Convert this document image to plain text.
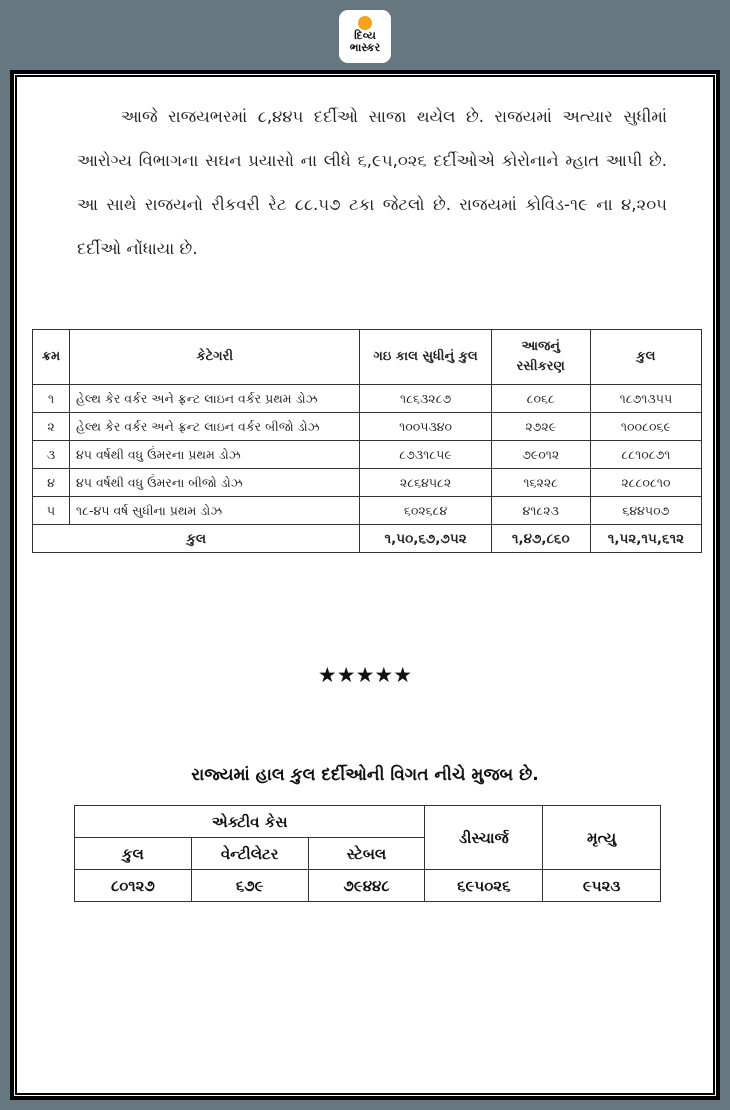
દિવ્ય
ભાસ્કર
આજે રાજયભરમાં ૮,૪૪૫ દર્દીઓ સાજા થયેલ છે. રાજયમાં અત્યાર સુધીમાં આરોગ્ય વિભાગના સઘન પ્રયાસો ના લીધે ૬,૯૫,૦૨૬ દર્દીઓએ કોરોનાને મ્હાત આપી છે. આ સાથે રાજયનો રીકવરી રેટ ૮૮.૫૭ ટકા જેટલો છે. રાજયમાં કોવિડ-૧૯ ના ૪,૨૦૫ દર્દીઓ નોંધાયા છે.
ક્રમ	કેટેગરી	ગઇ કાલ સુધીનું કુલ	આજનું રસીકરણ	કુલ
૧	હેલ્થ કેર વર્કર અને ફ્રન્ટ લાઇન વર્કર પ્રથમ ડોઝ	૧૮૬૩૨૮૭	૮૦૬૮	૧૮૭૧૩૫૫
૨	હેલ્થ કેર વર્કર અને ફ્રન્ટ લાઇન વર્કર બીજો ડોઝ	૧૦૦૫૩૪૦	૨૭૨૯	૧૦૦૮૦૬૯
૩	૪૫ વર્ષથી વધુ ઉંમરના પ્રથમ ડોઝ	૮૭૩૧૮૫૯	૭૯૦૧૨	૮૮૧૦૮૭૧
૪	૪૫ વર્ષથી વધુ ઉંમરના બીજો ડોઝ	૨૮૬૪૫૮૨	૧૬૨૨૮	૨૮૮૦૮૧૦
૫	૧૮-૪૫ વર્ષ સુધીના પ્રથમ ડોઝ	૬૦૨૬૮૪	૪૧૮૨૩	૬૪૪૫૦૭
કુલ		૧,૫૦,૬૭,૭૫૨	૧,૪૭,૮૬૦	૧,૫૨,૧૫,૬૧૨
★★★★★
રાજ્યમાં હાલ કુલ દર્દીઓની વિગત નીચે મુજબ છે.
એક્ટીવ કેસ			ડીસ્ચાર્જ	મૃત્યુ
કુલ	વેન્ટીલેટર	સ્ટેબલ		
૮૦૧૨૭	૬૭૯	૭૯૪૪૮	૬૯૫૦૨૬	૯૫૨૩
